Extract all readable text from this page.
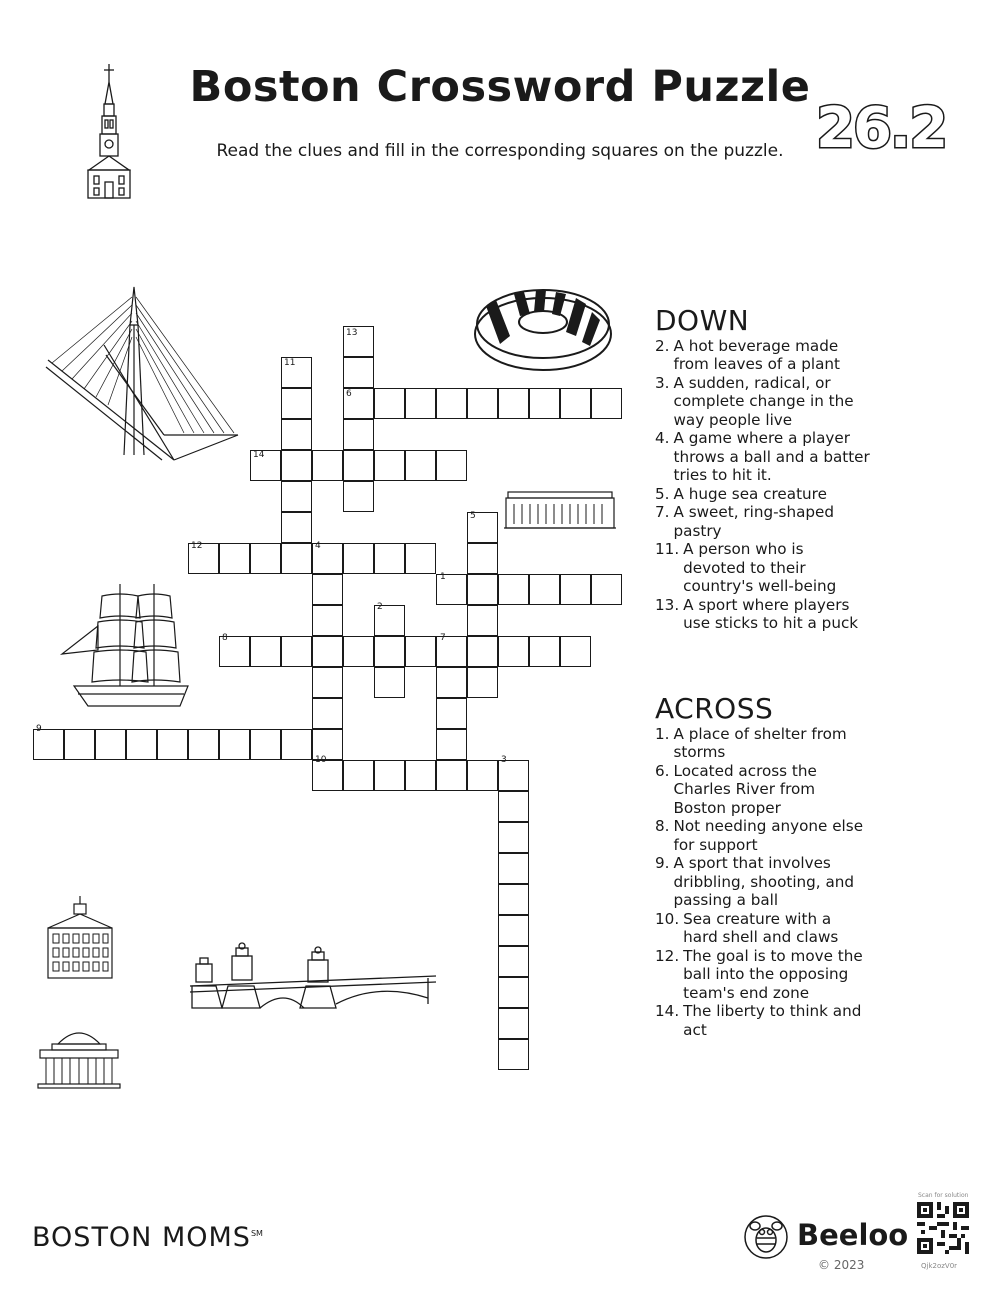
Boston Crossword Puzzle
Read the clues and fill in the corresponding squares on the puzzle. 26.2
1
2
3
4
5
6
7
8
9
10
11
12
13
14
DOWN
2. A hot beverage made from leaves of a plant
3. A sudden, radical, or complete change in the way people live
4. A game where a player throws a ball and a batter tries to hit it.
5. A huge sea creature
7. A sweet, ring-shaped pastry
11. A person who is devoted to their country's well-being
13. A sport where players use sticks to hit a puck
ACROSS
1. A place of shelter from storms
6. Located across the Charles River from Boston proper
8. Not needing anyone else for support
9. A sport that involves dribbling, shooting, and passing a ball
10. Sea creature with a hard shell and claws
12. The goal is to move the ball into the opposing team's end zone
14. The liberty to think and act
BOSTON MOMS℠	Beeloo
© 2023
Scan for solution
Qjk2ozV0r
